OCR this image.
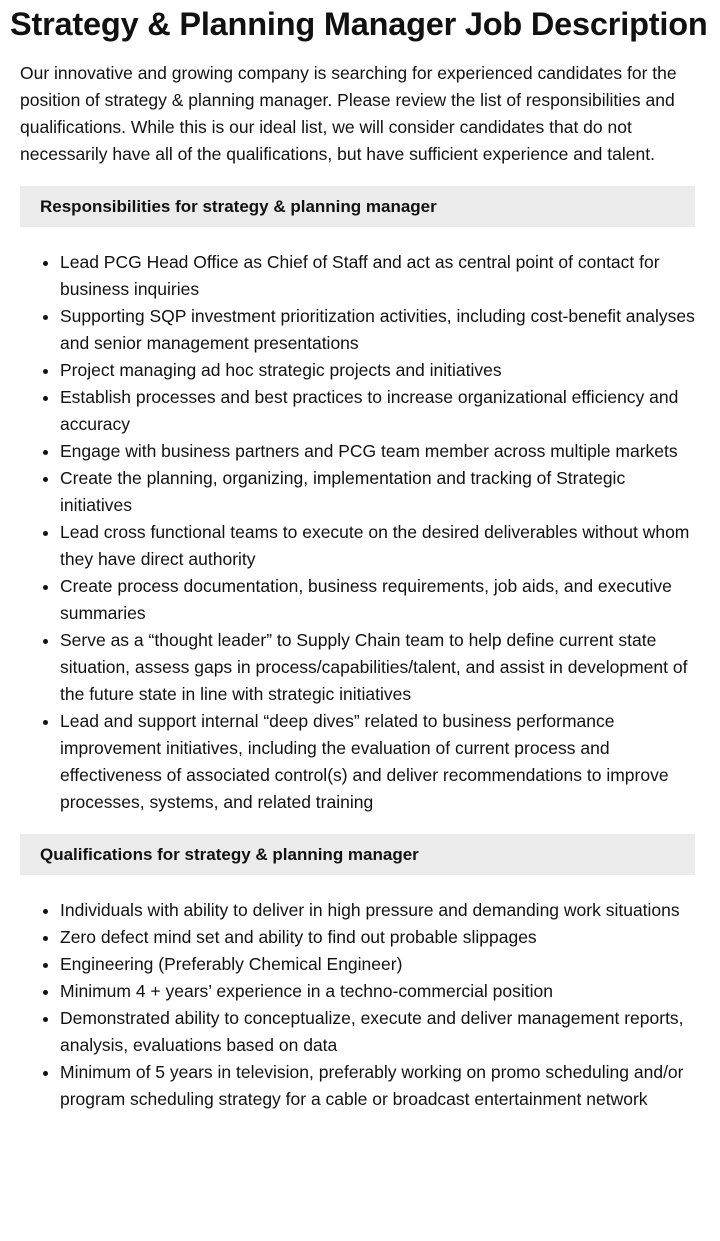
Strategy & Planning Manager Job Description

Our innovative and growing company is searching for experienced candidates for the position of strategy & planning manager. Please review the list of responsibilities and qualifications. While this is our ideal list, we will consider candidates that do not necessarily have all of the qualifications, but have sufficient experience and talent.

Responsibilities for strategy & planning manager
• Lead PCG Head Office as Chief of Staff and act as central point of contact for business inquiries
• Supporting SQP investment prioritization activities, including cost-benefit analyses and senior management presentations
• Project managing ad hoc strategic projects and initiatives
• Establish processes and best practices to increase organizational efficiency and accuracy
• Engage with business partners and PCG team member across multiple markets
• Create the planning, organizing, implementation and tracking of Strategic initiatives
• Lead cross functional teams to execute on the desired deliverables without whom they have direct authority
• Create process documentation, business requirements, job aids, and executive summaries
• Serve as a “thought leader” to Supply Chain team to help define current state situation, assess gaps in process/capabilities/talent, and assist in development of the future state in line with strategic initiatives
• Lead and support internal “deep dives” related to business performance improvement initiatives, including the evaluation of current process and effectiveness of associated control(s) and deliver recommendations to improve processes, systems, and related training
Qualifications for strategy & planning manager
• Individuals with ability to deliver in high pressure and demanding work situations
• Zero defect mind set and ability to find out probable slippages
• Engineering (Preferably Chemical Engineer)
• Minimum 4 + years’ experience in a techno-commercial position
• Demonstrated ability to conceptualize, execute and deliver management reports, analysis, evaluations based on data
• Minimum of 5 years in television, preferably working on promo scheduling and/or program scheduling strategy for a cable or broadcast entertainment network
